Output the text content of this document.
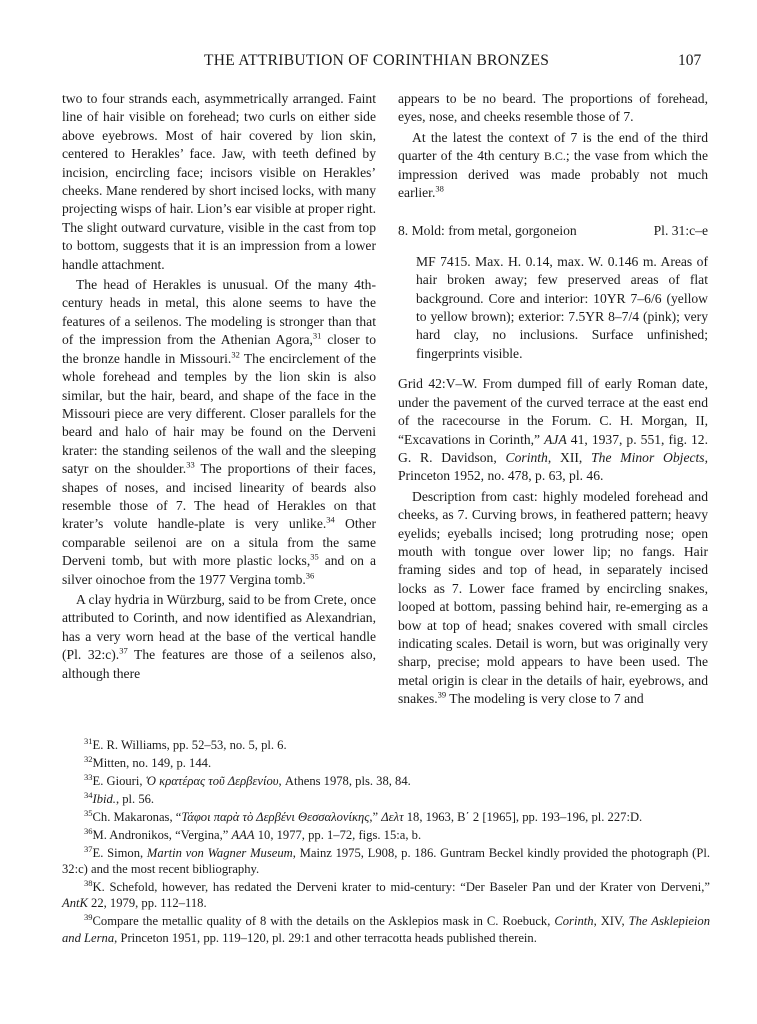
THE ATTRIBUTION OF CORINTHIAN BRONZES	107

two to four strands each, asymmetrically arranged. Faint line of hair visible on forehead; two curls on either side above eyebrows. Most of hair covered by lion skin, centered to Herakles’ face. Jaw, with teeth defined by incision, encircling face; incisors visible on Herakles’ cheeks. Mane rendered by short incised locks, with many projecting wisps of hair. Lion’s ear visible at proper right. The slight outward curvature, visible in the cast from top to bottom, suggests that it is an impression from a lower handle attachment.

The head of Herakles is unusual. Of the many 4th-century heads in metal, this alone seems to have the features of a seilenos. The modeling is stronger than that of the impression from the Athenian Agora,$^{31}$ closer to the bronze handle in Missouri.$^{32}$ The encirclement of the whole forehead and temples by the lion skin is also similar, but the hair, beard, and shape of the face in the Missouri piece are very different. Closer parallels for the beard and halo of hair may be found on the Derveni krater: the standing seilenos of the wall and the sleeping satyr on the shoulder.$^{33}$ The proportions of their faces, shapes of noses, and incised linearity of beards also resemble those of 7. The head of Herakles on that krater’s volute handle-plate is very unlike.$^{34}$ Other comparable seilenoi are on a situla from the same Derveni tomb, but with more plastic locks,$^{35}$ and on a silver oinochoe from the 1977 Vergina tomb.$^{36}$

A clay hydria in Würzburg, said to be from Crete, once attributed to Corinth, and now identified as Alexandrian, has a very worn head at the base of the vertical handle (Pl. 32:c).$^{37}$ The features are those of a seilenos also, although there

appears to be no beard. The proportions of forehead, eyes, nose, and cheeks resemble those of 7.

At the latest the context of 7 is the end of the third quarter of the 4th century B.C.; the vase from which the impression derived was made probably not much earlier.$^{38}$

8. Mold: from metal, gorgoneion	Pl. 31:c–e
MF 7415. Max. H. 0.14, max. W. 0.146 m. Areas of hair broken away; few preserved areas of flat background. Core and interior: 10YR 7–6/6 (yellow to yellow brown); exterior: 7.5YR 8–7/4 (pink); very hard clay, no inclusions. Surface unfinished; fingerprints visible.

Grid 42:V–W. From dumped fill of early Roman date, under the pavement of the curved terrace at the east end of the racecourse in the Forum. C. H. Morgan, II, “Excavations in Corinth,” AJA 41, 1937, p. 551, fig. 12. G. R. Davidson, Corinth, XII, The Minor Objects, Princeton 1952, no. 478, p. 63, pl. 46.

Description from cast: highly modeled forehead and cheeks, as 7. Curving brows, in feathered pattern; heavy eyelids; eyeballs incised; long protruding nose; open mouth with tongue over lower lip; no fangs. Hair framing sides and top of head, in separately incised locks as 7. Lower face framed by encircling snakes, looped at bottom, passing behind hair, re-emerging as a bow at top of head; snakes covered with small circles indicating scales. Detail is worn, but was originally very sharp, precise; mold appears to have been used. The metal origin is clear in the details of hair, eyebrows, and snakes.$^{39}$ The modeling is very close to 7 and

$^{31}$E. R. Williams, pp. 52–53, no. 5, pl. 6.

$^{32}$Mitten, no. 149, p. 144.

$^{33}$E. Giouri, Ὁ κρατέρας τοῦ Δερβενίου, Athens 1978, pls. 38, 84.

$^{34}$Ibid., pl. 56.

$^{35}$Ch. Makaronas, “Τάφοι παρὰ τὸ Δερβένι Θεσσαλονίκης,” Δελτ 18, 1963, Β΄ 2 [1965], pp. 193–196, pl. 227:D.

$^{36}$M. Andronikos, “Vergina,” AAA 10, 1977, pp. 1–72, figs. 15:a, b.

$^{37}$E. Simon, Martin von Wagner Museum, Mainz 1975, L908, p. 186. Guntram Beckel kindly provided the photograph (Pl. 32:c) and the most recent bibliography.

$^{38}$K. Schefold, however, has redated the Derveni krater to mid-century: “Der Baseler Pan und der Krater von Derveni,” AntK 22, 1979, pp. 112–118.

$^{39}$Compare the metallic quality of 8 with the details on the Asklepios mask in C. Roebuck, Corinth, XIV, The Asklepieion and Lerna, Princeton 1951, pp. 119–120, pl. 29:1 and other terracotta heads published therein.
